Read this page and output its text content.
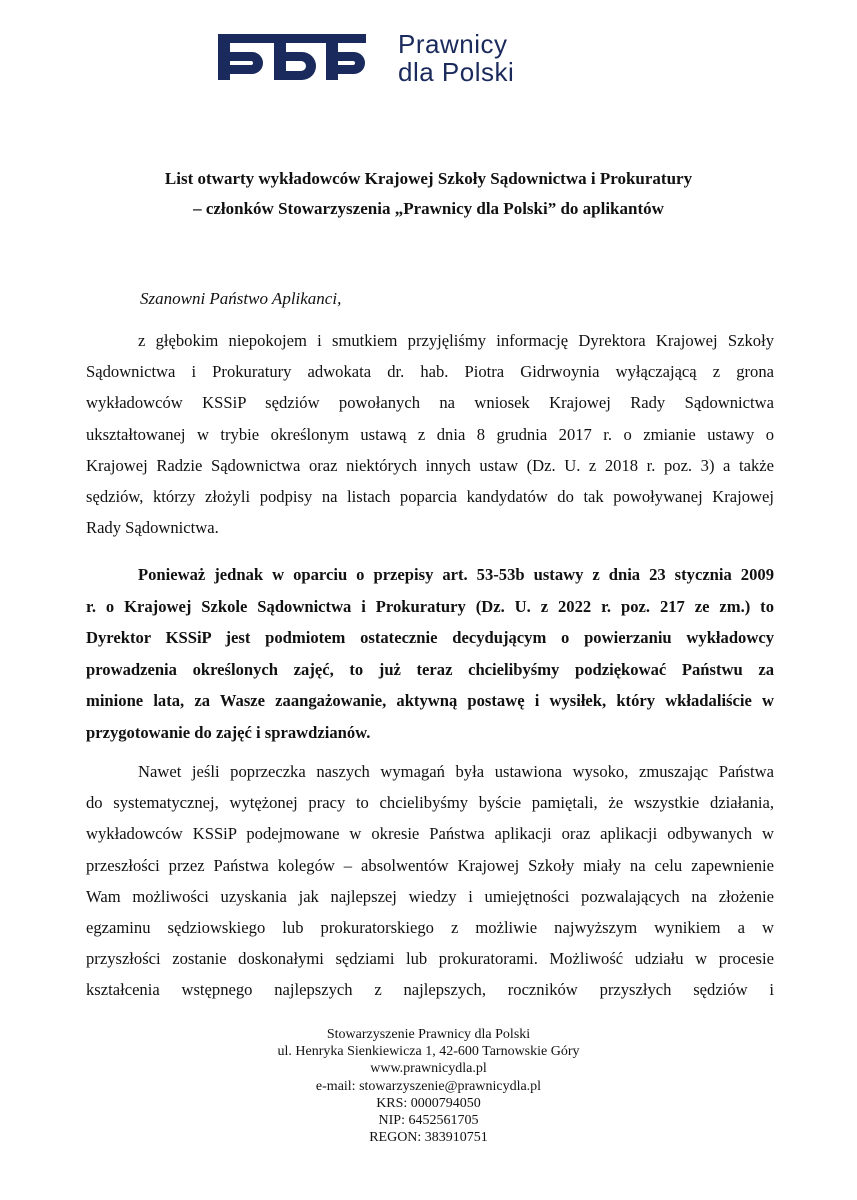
Prawnicy
dla Polski
List otwarty wykładowców Krajowej Szkoły Sądownictwa i Prokuratury
– członków Stowarzyszenia „Prawnicy dla Polski” do aplikantów
Szanowni Państwo Aplikanci,
z głębokim niepokojem i smutkiem przyjęliśmy informację Dyrektora Krajowej Szkoły
Sądownictwa i Prokuratury adwokata dr. hab. Piotra Gidrwoynia wyłączającą z grona
wykładowców KSSiP sędziów powołanych na wniosek Krajowej Rady Sądownictwa
ukształtowanej w trybie określonym ustawą z dnia 8 grudnia 2017 r. o zmianie ustawy o
Krajowej Radzie Sądownictwa oraz niektórych innych ustaw (Dz. U. z 2018 r. poz. 3) a także
sędziów, którzy złożyli podpisy na listach poparcia kandydatów do tak powoływanej Krajowej
Rady Sądownictwa.
Ponieważ jednak w oparciu o przepisy art. 53-53b ustawy z dnia 23 stycznia 2009
r. o Krajowej Szkole Sądownictwa i Prokuratury (Dz. U. z 2022 r. poz. 217 ze zm.) to
Dyrektor KSSiP jest podmiotem ostatecznie decydującym o powierzaniu wykładowcy
prowadzenia określonych zajęć, to już teraz chcielibyśmy podziękować Państwu za
minione lata, za Wasze zaangażowanie, aktywną postawę i wysiłek, który wkładaliście w
przygotowanie do zajęć i sprawdzianów.
Nawet jeśli poprzeczka naszych wymagań była ustawiona wysoko, zmuszając Państwa
do systematycznej, wytężonej pracy to chcielibyśmy byście pamiętali, że wszystkie działania,
wykładowców KSSiP podejmowane w okresie Państwa aplikacji oraz aplikacji odbywanych w
przeszłości przez Państwa kolegów – absolwentów Krajowej Szkoły miały na celu zapewnienie
Wam możliwości uzyskania jak najlepszej wiedzy i umiejętności pozwalających na złożenie
egzaminu sędziowskiego lub prokuratorskiego z możliwie najwyższym wynikiem a w
przyszłości zostanie doskonałymi sędziami lub prokuratorami. Możliwość udziału w procesie
kształcenia wstępnego najlepszych z najlepszych, roczników przyszłych sędziów i
Stowarzyszenie Prawnicy dla Polski
ul. Henryka Sienkiewicza 1, 42-600 Tarnowskie Góry
www.prawnicydla.pl
e-mail: stowarzyszenie@prawnicydla.pl
KRS: 0000794050
NIP: 6452561705
REGON: 383910751
